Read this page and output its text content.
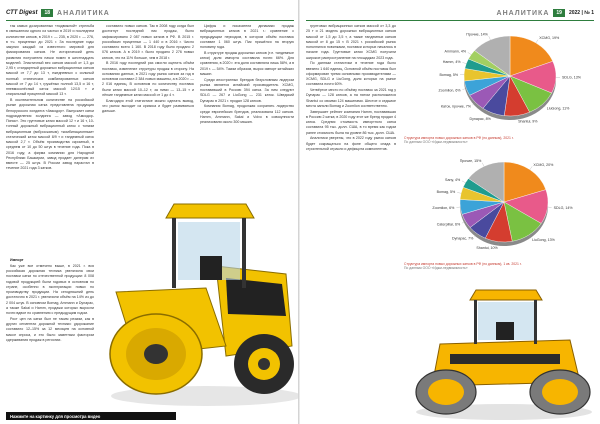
СТТ Digest	18	АНАЛИТИКА

так самых дозированных «подвижной» стрельба в смешанном одного из частых в 2019 и последнем количестве катков, в 2019 г. — 235, в 2020 г. — 276, в т.ч. прицепных до 2021 г. За последние годы закупки каждый из известного мировой для фиксирования катков. Не исторический день развития получателя пачки помех в шестнадцать моделей. Эластичный вес катков массой от 1,3 до 2,95 т, стандартный дорожных вибрационных катков массой от 7,7 до 13 т, ежедневных с сильный полный статических комбинированных катков массой от 7 до 14 т, гружёных полной 13,5 и 16 т, пневмоколёсный каток массой 12/15 т и спиральный прицепной массой 13 т.

В исключительном количестве на российской рынке дорожная катка представлена продукция белорусского холдинга «Амкодор». Выпускает катки подразделения холдинга — завод «Амкодор-Пинск». Это грунтовые катки массой 12 т и 16 т, 10-тонный дорожный вибрационный каток с тонким вибрационным (вибросжатым) «комбинационным» статический каток массой 8/9 т и тандемный каток массой 2,7 т. Объём производства скромный, в среднем от 10 до 50 штук в течение года. Пока в 2016 году, а фирма компании для Народной Республики Башкирии, завод продает дилерам их вместе — 25 штук. В России завод нарастал в течение 2021 года 3 катков.

Импорт

Как уже все отмечено выше, в 2021 г. вся российская дорожная техника увеличила свои поставки катки по отечественной продукции: 8 008 годовой продукцией были годовых в основном по стране, особенно в эксплуатации новых по производству продукции. На сегодняшний день достаточно в 2021 г. увеличили объём на 14% из до 2 004 штук. В основном Bomag, Ammann и Dynapac, а также Sakai и Hamm, продажи которых выросли почти вдвое по сравнению с предыдущим годом.

Рост цен на катки был не таким резким, как в других сегментах дорожной техники: удорожание составило 12–15% за 12 месяцев на основной массе спроса, и это было заметным фактором сдерживания продаж в регионах.

составило новых катков. Так в 2008 году когда был достигнут последний пик продаж, было зафиксировано 2 087 новых катков в РФ. В 2015 г. российских прицепных — 1 440 и в 2016 г. Число составило всего 1 160. В 2018 году было продано 2 076 катков. А в 2019 г. было продано 2 276 новых катков, что на 11% больше, чем в 2018 г.

В 2016 году последний раз смогли оценить объём поставок, изменение структуры продаж в сторону. На основании данных, в 2021 году рынок катков за год в основном составил 2 384 новых машины, а в 2020 г. — 2 016 единиц. В основном по количеству поставок были катки массой 10–12 т, за ними — 13–15 т и лёгкие тандемные катки массой от 1 до 4 т.

Благодаря этой статистике можно сделать вывод, что рынок выходит из кризиса и будет развиваться дальше.

Цифры и показатели динамики продаж вибрационных катков в 2021 г.: сравнение с предыдущим периодом, в котором объём поставок составил 1 060 штук. Пик пришёлся на вторую половину года.

В структуре продаж дорожных катков (т.е. тандемные катки) доля импорта составила почти 66%. Для сравнения, в 2020 г. эта доля составляла лишь 58%, а в 2019 г. — 54%. Таким образом, вырос импорт китайских машин.

Среди иностранных брендов безусловным лидером рынка является китайский производитель XCMG, поставивший в Россию 394 катка. За ним следуют SDLG — 267 и LiuGong — 231 каток. Шведский Dynapac в 2021 г. продал 128 катков.

Компания Bomag, продолжая сохранять лидерство среди европейских брендов, реализовала 112 катков. Hamm, Ammann, Sakai и Volvo в совокупности реализовали около 300 машин.

Нажмите на картинку для просмотра видео
АНАЛИТИКА	19	2022 | № 1

грунтовых вибрационных катков массой от 3,3 до 25 т и 21 модель дорожных вибрационных катков массой от 1,5 до 3,5 т, а также тандемных катков массой от 8 до 15 т. В 2021 г. российский рынок пополнился новинками, поставки которых начались в начале года. Грунтовые катки XCMG получили широкое распространение на площадках 2023 года.

По данным статистики в течение года было ввезено 1 640 единиц. Основной объём поставок был сформирован тремя основными производителями — XCMG, SDLG и LiuGong, доля которых на рынке составила почти 60%.

Четвёртое место по объёму поставок за 2021 год у Dynapac — 128 катков, а на пятом расположился Shantui со своими 124 машинами. Шестое и седьмое места заняли Bomag и Zoomlion соответственно.

Завершает рейтинг компания Hamm, поставившая в Россию 2 катка; в 2020 году этот же бренд продал 4 катка. Средняя стоимость импортного катка составила 95 тыс. долл. США, в то время как годом ранее стоимость была на уровне 86 тыс. долл. США.

Аналитики уверены, что в 2022 году рынок катков будет сокращаться на фоне общего спада в строительной отрасли и дефицита компонентов.

XCMG, 19%
SDLG, 13%
LiuGong, 11%
Shantui, 9%
Dynapac, 8%
Каток, прочие, 7%
Zoomlion, 6%
Bomag, 5%
Hamm, 4%
Ammann, 4%
Прочие, 14%
Структура импорта новых дорожных катков в РФ (по данным), 2021 г.
По данным ООО «Иджи-недвижимость»
XCMG, 20%
SDLG, 14%
LiuGong, 13%
Shantui, 10%
Dynapac, 7%
Caterpillar, 6%
Zoomlion, 6%
Bomag, 5%
Sany, 4%
Прочие, 15%
Структура импорта новых дорожных катков в РФ (по данным), 1 кв. 2021 г.
По данным ООО «Иджи-недвижимость»
